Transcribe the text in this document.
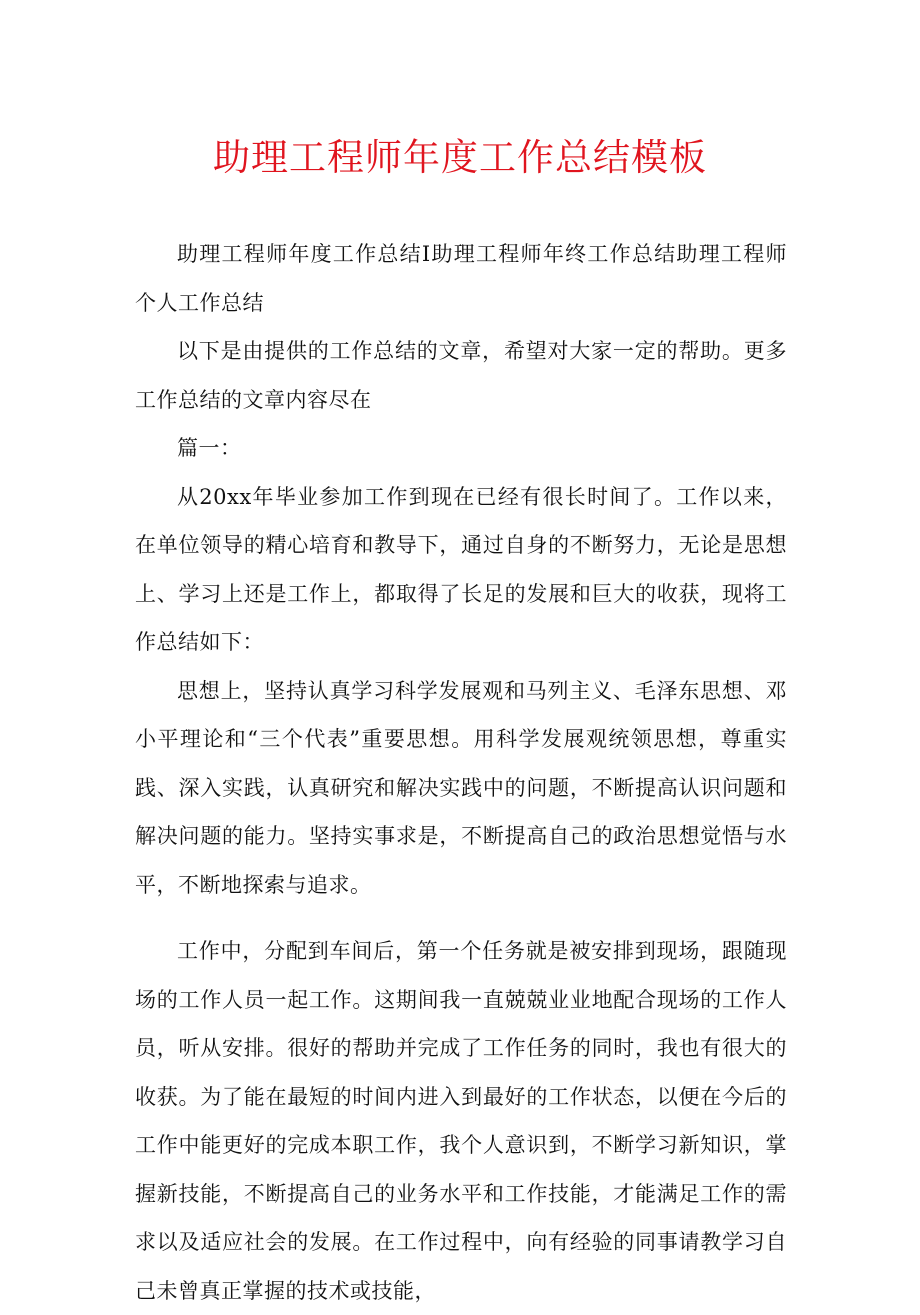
助理工程师年度工作总结模板

助理工程师年度工作总结I助理工程师年终工作总结助理工程师个人工作总结

以下是由提供的工作总结的文章，希望对大家一定的帮助。更多工作总结的文章内容尽在

篇一：

从20xx年毕业参加工作到现在已经有很长时间了。工作以来，在单位领导的精心培育和教导下，通过自身的不断努力，无论是思想上、学习上还是工作上，都取得了长足的发展和巨大的收获，现将工作总结如下：

思想上，坚持认真学习科学发展观和马列主义、毛泽东思想、邓小平理论和“三个代表”重要思想。用科学发展观统领思想，尊重实践、深入实践，认真研究和解决实践中的问题，不断提高认识问题和解决问题的能力。坚持实事求是，不断提高自己的政治思想觉悟与水平，不断地探索与追求。

工作中，分配到车间后，第一个任务就是被安排到现场，跟随现场的工作人员一起工作。这期间我一直兢兢业业地配合现场的工作人员，听从安排。很好的帮助并完成了工作任务的同时，我也有很大的收获。为了能在最短的时间内进入到最好的工作状态，以便在今后的工作中能更好的完成本职工作，我个人意识到，不断学习新知识，掌握新技能，不断提高自己的业务水平和工作技能，才能满足工作的需求以及适应社会的发展。在工作过程中，向有经验的同事请教学习自己未曾真正掌握的技术或技能，
